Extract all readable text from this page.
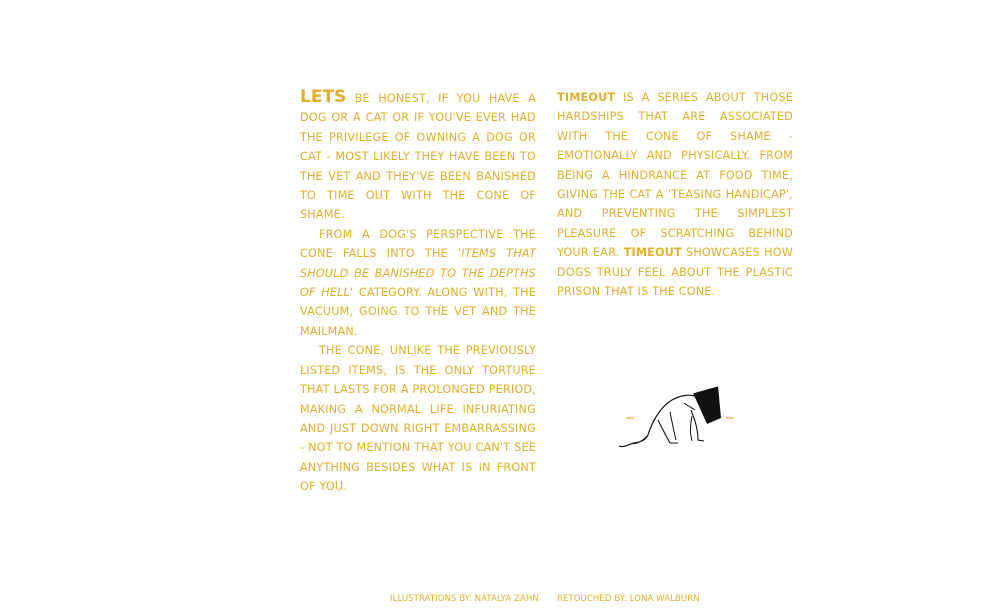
LETS BE HONEST, IF YOU HAVE A DOG OR A CAT OR IF YOU'VE EVER HAD THE PRIVILEGE OF OWNING A DOG OR CAT - MOST LIKELY THEY HAVE BEEN TO THE VET AND THEY'VE BEEN BANISHED TO TIME OUT WITH THE CONE OF SHAME.

FROM A DOG'S PERSPECTIVE THE CONE FALLS INTO THE 'ITEMS THAT SHOULD BE BANISHED TO THE DEPTHS OF HELL' CATEGORY. ALONG WITH, THE VACUUM, GOING TO THE VET AND THE MAILMAN.

THE CONE, UNLIKE THE PREVIOUSLY LISTED ITEMS, IS THE ONLY TORTURE THAT LASTS FOR A PROLONGED PERIOD, MAKING A NORMAL LIFE INFURIATING AND JUST DOWN RIGHT EMBARRASSING - NOT TO MENTION THAT YOU CAN'T SEE ANYTHING BESIDES WHAT IS IN FRONT OF YOU.

TIMEOUT IS A SERIES ABOUT THOSE HARDSHIPS THAT ARE ASSOCIATED WITH THE CONE OF SHAME - EMOTIONALLY AND PHYSICALLY. FROM BEING A HINDRANCE AT FOOD TIME, GIVING THE CAT A 'TEASING HANDICAP', AND PREVENTING THE SIMPLEST PLEASURE OF SCRATCHING BEHIND YOUR EAR. TIMEOUT SHOWCASES HOW DOGS TRULY FEEL ABOUT THE PLASTIC PRISON THAT IS THE CONE.

ILLUSTRATIONS BY: NATALYA ZAHN RETOUCHED BY: LONA WALBURN
